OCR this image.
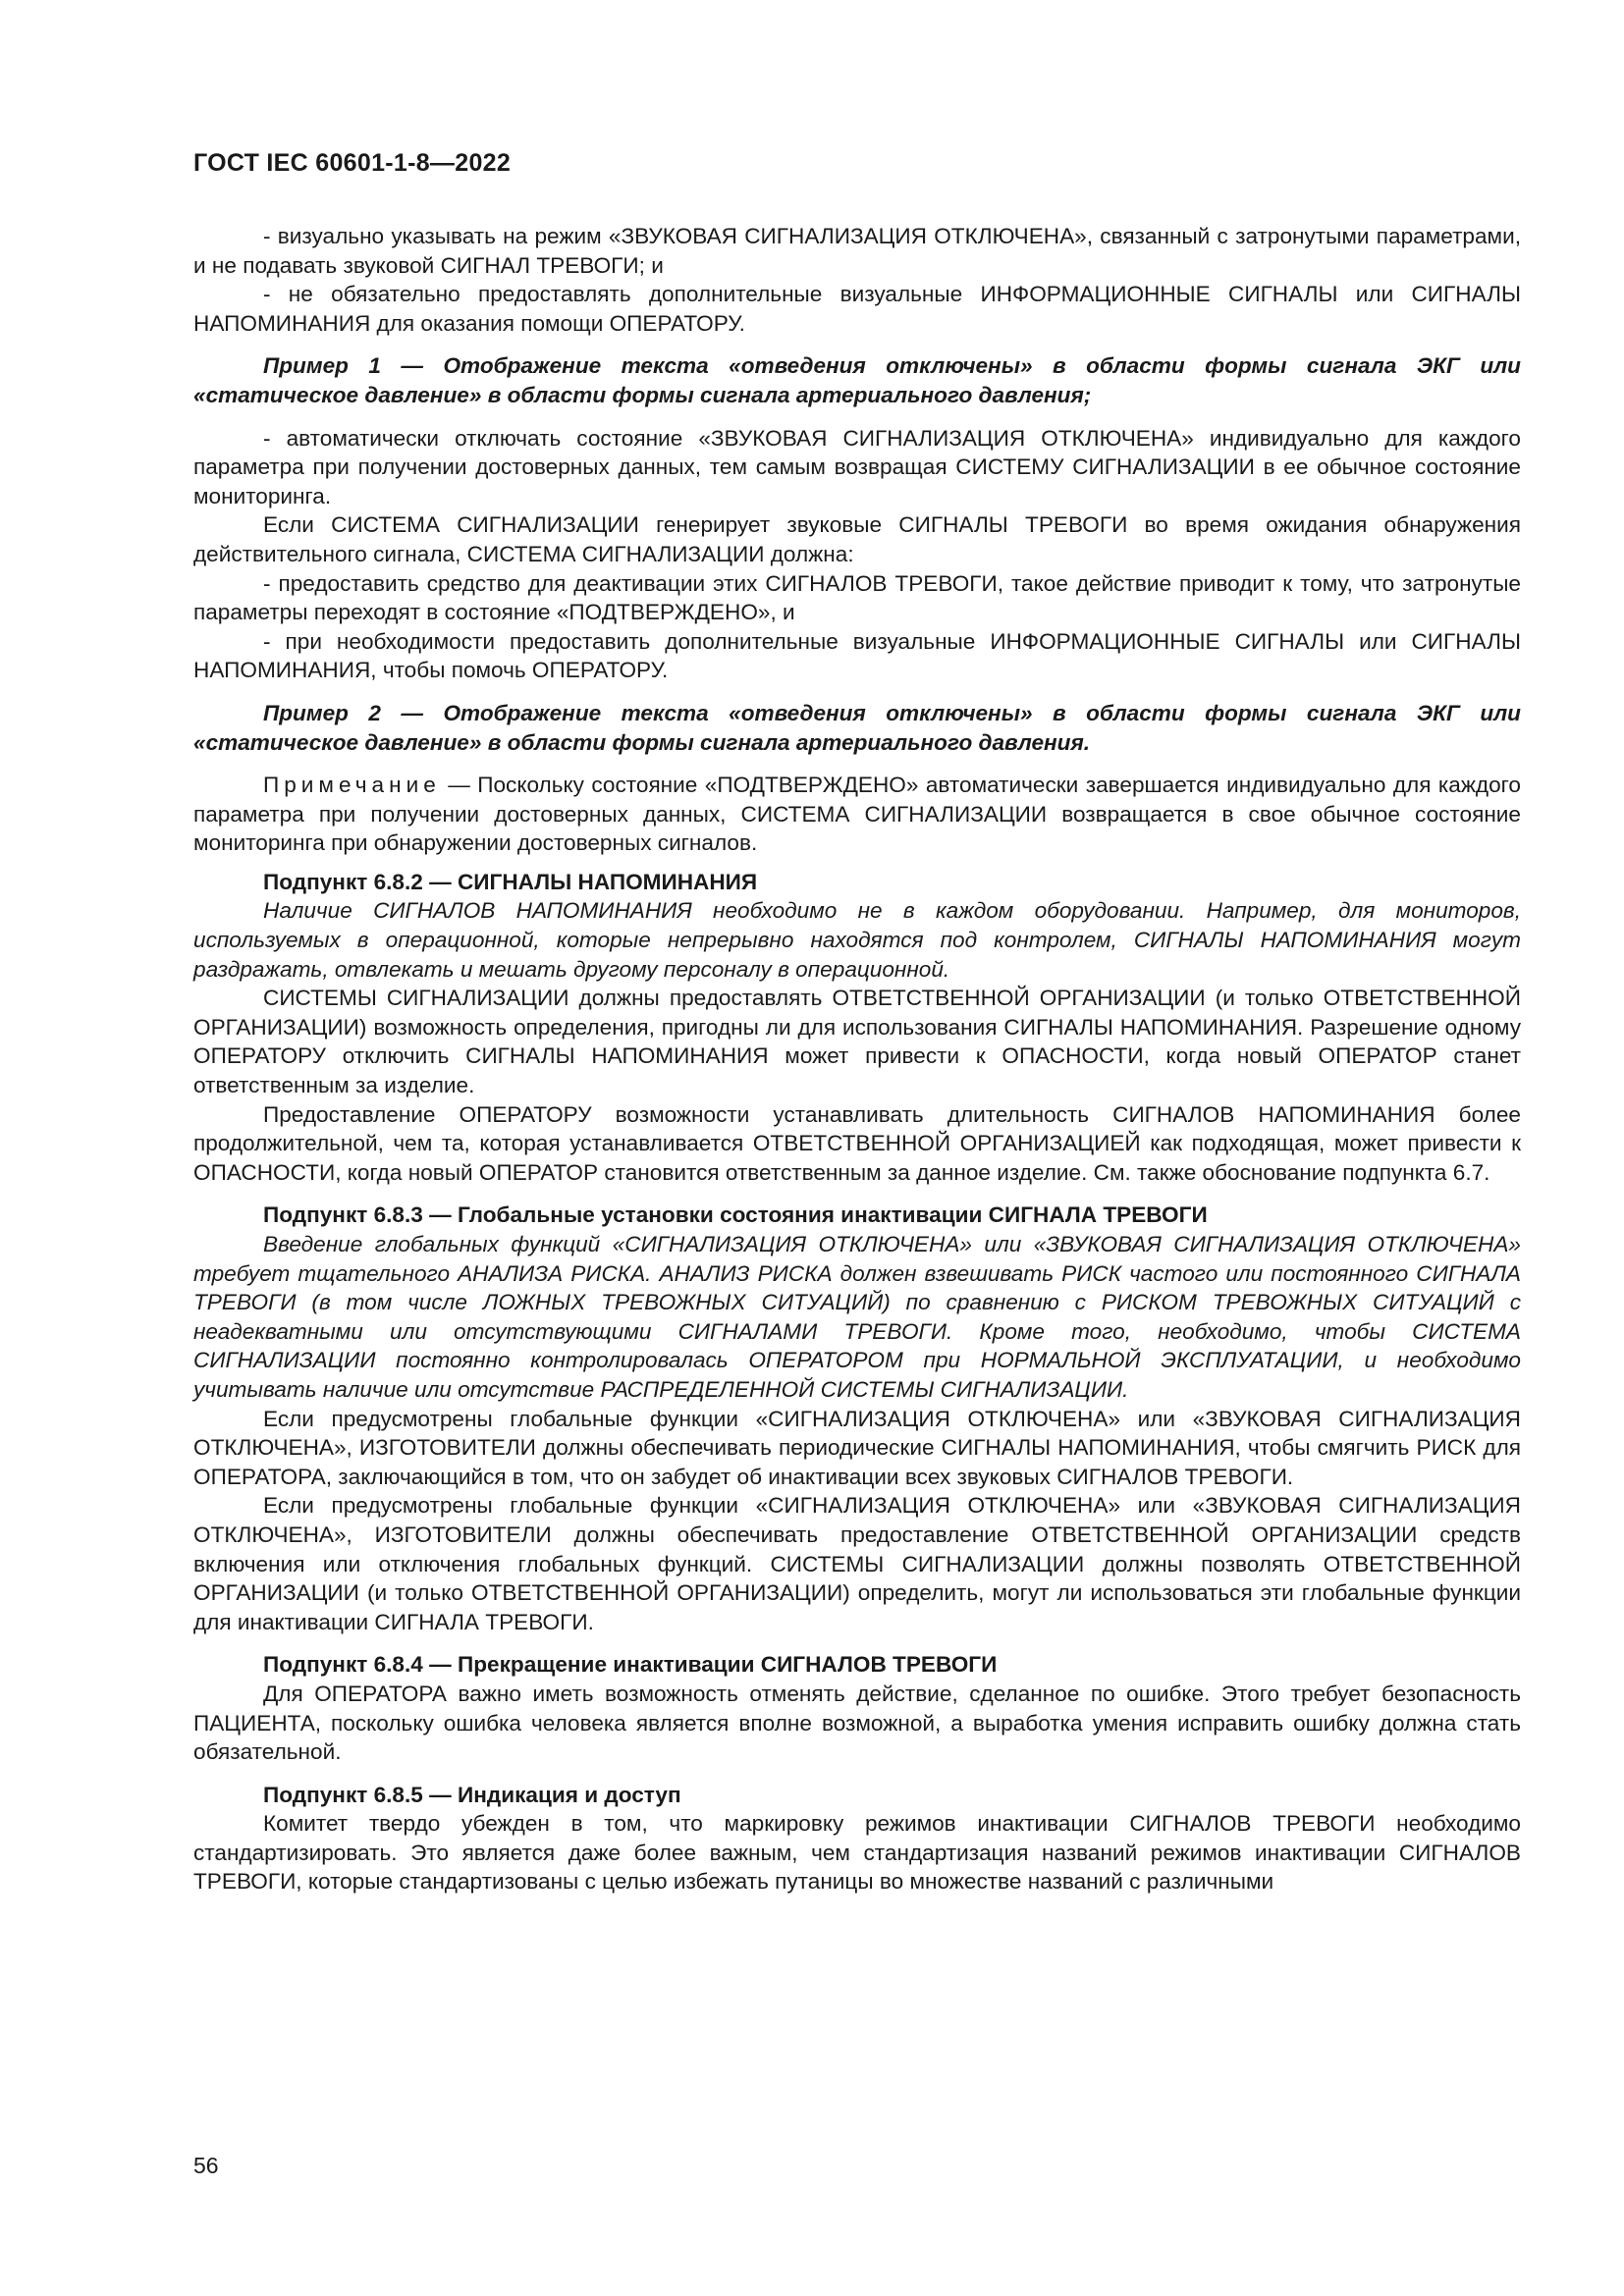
ГОСТ IEC 60601-1-8—2022

- визуально указывать на режим «ЗВУКОВАЯ СИГНАЛИЗАЦИЯ ОТКЛЮЧЕНА», связанный с затронутыми параметрами, и не подавать звуковой СИГНАЛ ТРЕВОГИ; и

- не обязательно предоставлять дополнительные визуальные ИНФОРМАЦИОННЫЕ СИГНАЛЫ или СИГНАЛЫ НАПОМИНАНИЯ для оказания помощи ОПЕРАТОРУ.

Пример 1 — Отображение текста «отведения отключены» в области формы сигнала ЭКГ или «статическое давление» в области формы сигнала артериального давления;

- автоматически отключать состояние «ЗВУКОВАЯ СИГНАЛИЗАЦИЯ ОТКЛЮЧЕНА» индивидуально для каждого параметра при получении достоверных данных, тем самым возвращая СИСТЕМУ СИГНАЛИЗАЦИИ в ее обычное состояние мониторинга.

Если СИСТЕМА СИГНАЛИЗАЦИИ генерирует звуковые СИГНАЛЫ ТРЕВОГИ во время ожидания обнаружения действительного сигнала, СИСТЕМА СИГНАЛИЗАЦИИ должна:

- предоставить средство для деактивации этих СИГНАЛОВ ТРЕВОГИ, такое действие приводит к тому, что затронутые параметры переходят в состояние «ПОДТВЕРЖДЕНО», и

- при необходимости предоставить дополнительные визуальные ИНФОРМАЦИОННЫЕ СИГНАЛЫ или СИГНАЛЫ НАПОМИНАНИЯ, чтобы помочь ОПЕРАТОРУ.

Пример 2 — Отображение текста «отведения отключены» в области формы сигнала ЭКГ или «статическое давление» в области формы сигнала артериального давления.

Примечание — Поскольку состояние «ПОДТВЕРЖДЕНО» автоматически завершается индивидуально для каждого параметра при получении достоверных данных, СИСТЕМА СИГНАЛИЗАЦИИ возвращается в свое обычное состояние мониторинга при обнаружении достоверных сигналов.

Подпункт 6.8.2 — СИГНАЛЫ НАПОМИНАНИЯ

Наличие СИГНАЛОВ НАПОМИНАНИЯ необходимо не в каждом оборудовании. Например, для мониторов, используемых в операционной, которые непрерывно находятся под контролем, СИГНАЛЫ НАПОМИНАНИЯ могут раздражать, отвлекать и мешать другому персоналу в операционной.

СИСТЕМЫ СИГНАЛИЗАЦИИ должны предоставлять ОТВЕТСТВЕННОЙ ОРГАНИЗАЦИИ (и только ОТВЕТСТВЕННОЙ ОРГАНИЗАЦИИ) возможность определения, пригодны ли для использования СИГНАЛЫ НАПОМИНАНИЯ. Разрешение одному ОПЕРАТОРУ отключить СИГНАЛЫ НАПОМИНАНИЯ может привести к ОПАСНОСТИ, когда новый ОПЕРАТОР станет ответственным за изделие.

Предоставление ОПЕРАТОРУ возможности устанавливать длительность СИГНАЛОВ НАПОМИНАНИЯ более продолжительной, чем та, которая устанавливается ОТВЕТСТВЕННОЙ ОРГАНИЗАЦИЕЙ как подходящая, может привести к ОПАСНОСТИ, когда новый ОПЕРАТОР становится ответственным за данное изделие. См. также обоснование подпункта 6.7.

Подпункт 6.8.3 — Глобальные установки состояния инактивации СИГНАЛА ТРЕВОГИ

Введение глобальных функций «СИГНАЛИЗАЦИЯ ОТКЛЮЧЕНА» или «ЗВУКОВАЯ СИГНАЛИЗАЦИЯ ОТКЛЮЧЕНА» требует тщательного АНАЛИЗА РИСКА. АНАЛИЗ РИСКА должен взвешивать РИСК частого или постоянного СИГНАЛА ТРЕВОГИ (в том числе ЛОЖНЫХ ТРЕВОЖНЫХ СИТУАЦИЙ) по сравнению с РИСКОМ ТРЕВОЖНЫХ СИТУАЦИЙ с неадекватными или отсутствующими СИГНАЛАМИ ТРЕВОГИ. Кроме того, необходимо, чтобы СИСТЕМА СИГНАЛИЗАЦИИ постоянно контролировалась ОПЕРАТОРОМ при НОРМАЛЬНОЙ ЭКСПЛУАТАЦИИ, и необходимо учитывать наличие или отсутствие РАСПРЕДЕЛЕННОЙ СИСТЕМЫ СИГНАЛИЗАЦИИ.

Если предусмотрены глобальные функции «СИГНАЛИЗАЦИЯ ОТКЛЮЧЕНА» или «ЗВУКОВАЯ СИГНАЛИЗАЦИЯ ОТКЛЮЧЕНА», ИЗГОТОВИТЕЛИ должны обеспечивать периодические СИГНАЛЫ НАПОМИНАНИЯ, чтобы смягчить РИСК для ОПЕРАТОРА, заключающийся в том, что он забудет об инактивации всех звуковых СИГНАЛОВ ТРЕВОГИ.

Если предусмотрены глобальные функции «СИГНАЛИЗАЦИЯ ОТКЛЮЧЕНА» или «ЗВУКОВАЯ СИГНАЛИЗАЦИЯ ОТКЛЮЧЕНА», ИЗГОТОВИТЕЛИ должны обеспечивать предоставление ОТВЕТСТВЕННОЙ ОРГАНИЗАЦИИ средств включения или отключения глобальных функций. СИСТЕМЫ СИГНАЛИЗАЦИИ должны позволять ОТВЕТСТВЕННОЙ ОРГАНИЗАЦИИ (и только ОТВЕТСТВЕННОЙ ОРГАНИЗАЦИИ) определить, могут ли использоваться эти глобальные функции для инактивации СИГНАЛА ТРЕВОГИ.

Подпункт 6.8.4 — Прекращение инактивации СИГНАЛОВ ТРЕВОГИ

Для ОПЕРАТОРА важно иметь возможность отменять действие, сделанное по ошибке. Этого требует безопасность ПАЦИЕНТА, поскольку ошибка человека является вполне возможной, а выработка умения исправить ошибку должна стать обязательной.

Подпункт 6.8.5 — Индикация и доступ

Комитет твердо убежден в том, что маркировку режимов инактивации СИГНАЛОВ ТРЕВОГИ необходимо стандартизировать. Это является даже более важным, чем стандартизация названий режимов инактивации СИГНАЛОВ ТРЕВОГИ, которые стандартизованы с целью избежать путаницы во множестве названий с различными

56
